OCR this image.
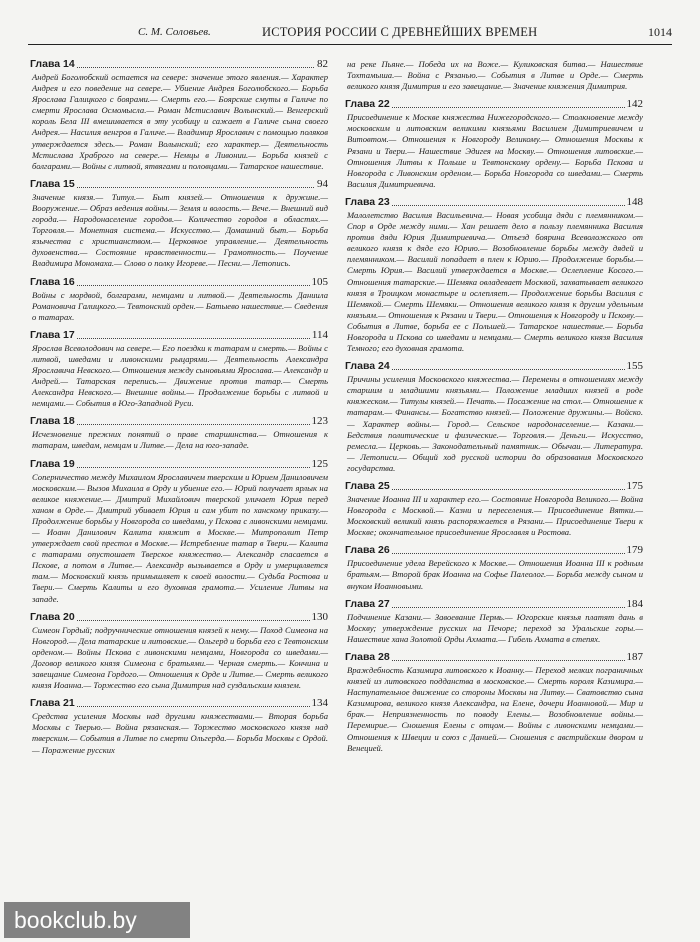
С. М. Соловьев.	ИСТОРИЯ РОССИИ С ДРЕВНЕЙШИХ ВРЕМЕН	1014
Глава 14	82
Андрей Боголюбский остается на севере: значение этого явления.— Характер Андрея и его поведение на севере.— Убиение Андрея Боголюбского.— Борьба Ярослава Галицкого с боярами.— Смерть его.— Боярские смуты в Галиче по смерти Ярослава Осмомысла.— Роман Мстиславич Волынский.— Венгерский король Бела III вмешивается в эту усобицу и сажает в Галиче сына своего Андрея.— Насилия венгров в Галиче.— Владимир Ярославич с помощью поляков утверждается здесь.— Роман Волынский; его характер.— Деятельность Мстислава Храброго на севере.— Немцы в Ливонии.— Борьба князей с болгарами.— Войны с литвой, ятвягами и половцами.— Татарское нашествие.
Глава 15	94
Значение князя.— Титул.— Быт князей.— Отношения к дружине.— Вооружение.— Образ ведения войны.— Земля и волость.— Вече.— Внешний вид города.— Народонаселение городов.— Количество городов в областях.— Торговля.— Монетная система.— Искусство.— Домашний быт.— Борьба язычества с христианством.— Церковное управление.— Деятельность духовенства.— Состояние нравственности.— Грамотность.— Поучение Владимира Мономаха.— Слово о полку Игореве.— Песни.— Летопись.
Глава 16	105
Войны с мордвой, болгарами, немцами и литвой.— Деятельность Даниила Романовича Галицкого.— Тевтонский орден.— Батыево нашествие.— Сведения о татарах.
Глава 17	114
Ярослав Всеволодович на севере.— Его поездки к татарам и смерть.— Войны с литвой, шведами и ливонскими рыцарями.— Деятельность Александра Ярославича Невского.— Отношения между сыновьями Ярослава.— Александр и Андрей.— Татарская перепись.— Движение против татар.— Смерть Александра Невского.— Внешние войны.— Продолжение борьбы с литвой и немцами.— События в Юго-Западной Руси.
Глава 18	123
Исчезновение прежних понятий о праве старшинства.— Отношения к татарам, шведам, немцам и Литве.— Дела на юго-западе.
Глава 19	125
Соперничество между Михаилом Ярославичем тверским и Юрием Даниловичем московским.— Вызов Михаила в Орду и убиение его.— Юрий получает ярлык на великое княжение.— Дмитрий Михайлович тверской уличает Юрия перед ханом в Орде.— Дмитрий убивает Юрия и сам убит по ханскому приказу.— Продолжение борьбы у Новгорода со шведами, у Пскова с ливонскими немцами.— Иоанн Данилович Калита княжит в Москве.— Митрополит Петр утверждает свой престол в Москве.— Истребление татар в Твери.— Калита с татарами опустошает Тверское княжество.— Александр спасается в Пскове, а потом в Литве.— Александр вызывается в Орду и умерщвляется там.— Московский князь примышляет к своей волости.— Судьба Ростова и Твери.— Смерть Калиты и его духовная грамота.— Усиление Литвы на западе.
Глава 20	130
Симеон Гордый; подручнические отношения князей к нему.— Поход Симеона на Новгород.— Дела татарские и литовские.— Ольгерд и борьба его с Тевтонским орденом.— Войны Пскова с ливонскими немцами, Новгорода со шведами.— Договор великого князя Симеона с братьями.— Черная смерть.— Кончина и завещание Симеона Гордого.— Отношения к Орде и Литве.— Смерть великого князя Иоанна.— Торжество его сына Димитрия над суздальским князем.
Глава 21	134
Средства усиления Москвы над другими княжествами.— Вторая борьба Москвы с Тверью.— Война рязанская.— Торжество московского князя над тверским.— События в Литве по смерти Ольгерда.— Борьба Москвы с Ордой.— Поражение русских
на реке Пьяне.— Победа их на Воже.— Куликовская битва.— Нашествие Тохтамыша.— Война с Рязанью.— События в Литве и Орде.— Смерть великого князя Димитрия и его завещание.— Значение княжения Димитрия.
Глава 22	142
Присоединение к Москве княжества Нижегородского.— Столкновение между московским и литовским великими князьями Василием Димитриевичем и Витовтом.— Отношения к Новгороду Великому.— Отношения Москвы к Рязани и Твери.— Нашествие Эдигея на Москву.— Отношения литовские.— Отношения Литвы к Польше и Тевтонскому ордену.— Борьба Пскова и Новгорода с Ливонским орденом.— Борьба Новгорода со шведами.— Смерть Василия Димитриевича.
Глава 23	148
Малолетство Василия Васильевича.— Новая усобица дяди с племянником.— Спор в Орде между ними.— Хан решает дело в пользу племянника Василия против дяди Юрия Димитриевича.— Отъезд боярина Всеволожского от великого князя к дяде его Юрию.— Возобновление борьбы между дядей и племянником.— Василий попадает в плен к Юрию.— Продолжение борьбы.— Смерть Юрия.— Василий утверждается в Москве.— Ослепление Косого.— Отношения татарские.— Шемяка овладевает Москвой, захватывает великого князя в Троицком монастыре и ослепляет.— Продолжение борьбы Василия с Шемякой.— Смерть Шемяки.— Отношения великого князя к другим удельным князьям.— Отношения к Рязани и Твери.— Отношения к Новгороду и Пскову.— События в Литве, борьба ее с Польшей.— Татарское нашествие.— Борьба Новгорода и Пскова со шведами и немцами.— Смерть великого князя Василия Темного; его духовная грамота.
Глава 24	155
Причины усиления Московского княжества.— Перемены в отношениях между старшим и младшими князьями.— Положение младших князей в роде княжеском.— Титулы князей.— Печать.— Посажение на стол.— Отношение к татарам.— Финансы.— Богатство князей.— Положение дружины.— Войско.— Характер войны.— Город.— Сельское народонаселение.— Казаки.— Бедствия политические и физические.— Торговля.— Деньги.— Искусство, ремесла.— Церковь.— Законодательный памятник.— Обычаи.— Литература.— Летописи.— Общий ход русской истории до образования Московского государства.
Глава 25	175
Значение Иоанна III и характер его.— Состояние Новгорода Великого.— Война Новгорода с Москвой.— Казни и переселения.— Присоединение Вятки.— Московский великий князь распоряжается в Рязани.— Присоединение Твери к Москве; окончательное присоединение Ярославля и Ростова.
Глава 26	179
Присоединение удела Верейского к Москве.— Отношения Иоанна III к родным братьям.— Второй брак Иоанна на Софье Палеолог.— Борьба между сыном и внуком Иоанновыми.
Глава 27	184
Подчинение Казани.— Завоевание Пермь.— Югорские князья платят дань в Москву; утверждение русских на Печоре; переход за Уральские горы.— Нашествие хана Золотой Орды Ахмата.— Гибель Ахмата в степях.
Глава 28	187
Враждебность Казимира литовского к Иоанну.— Переход мелких пограничных князей из литовского подданства в московское.— Смерть короля Казимира.— Наступательное движение со стороны Москвы на Литву.— Сватовство сына Казимирова, великого князя Александра, на Елене, дочери Иоанновой.— Мир и брак.— Неприязненность по поводу Елены.— Возобновление войны.— Перемирие.— Сношения Елены с отцом.— Войны с ливонскими немцами.— Отношения к Швеции и союз с Данией.— Сношения с австрийским двором и Венецией.
bookclub.by
